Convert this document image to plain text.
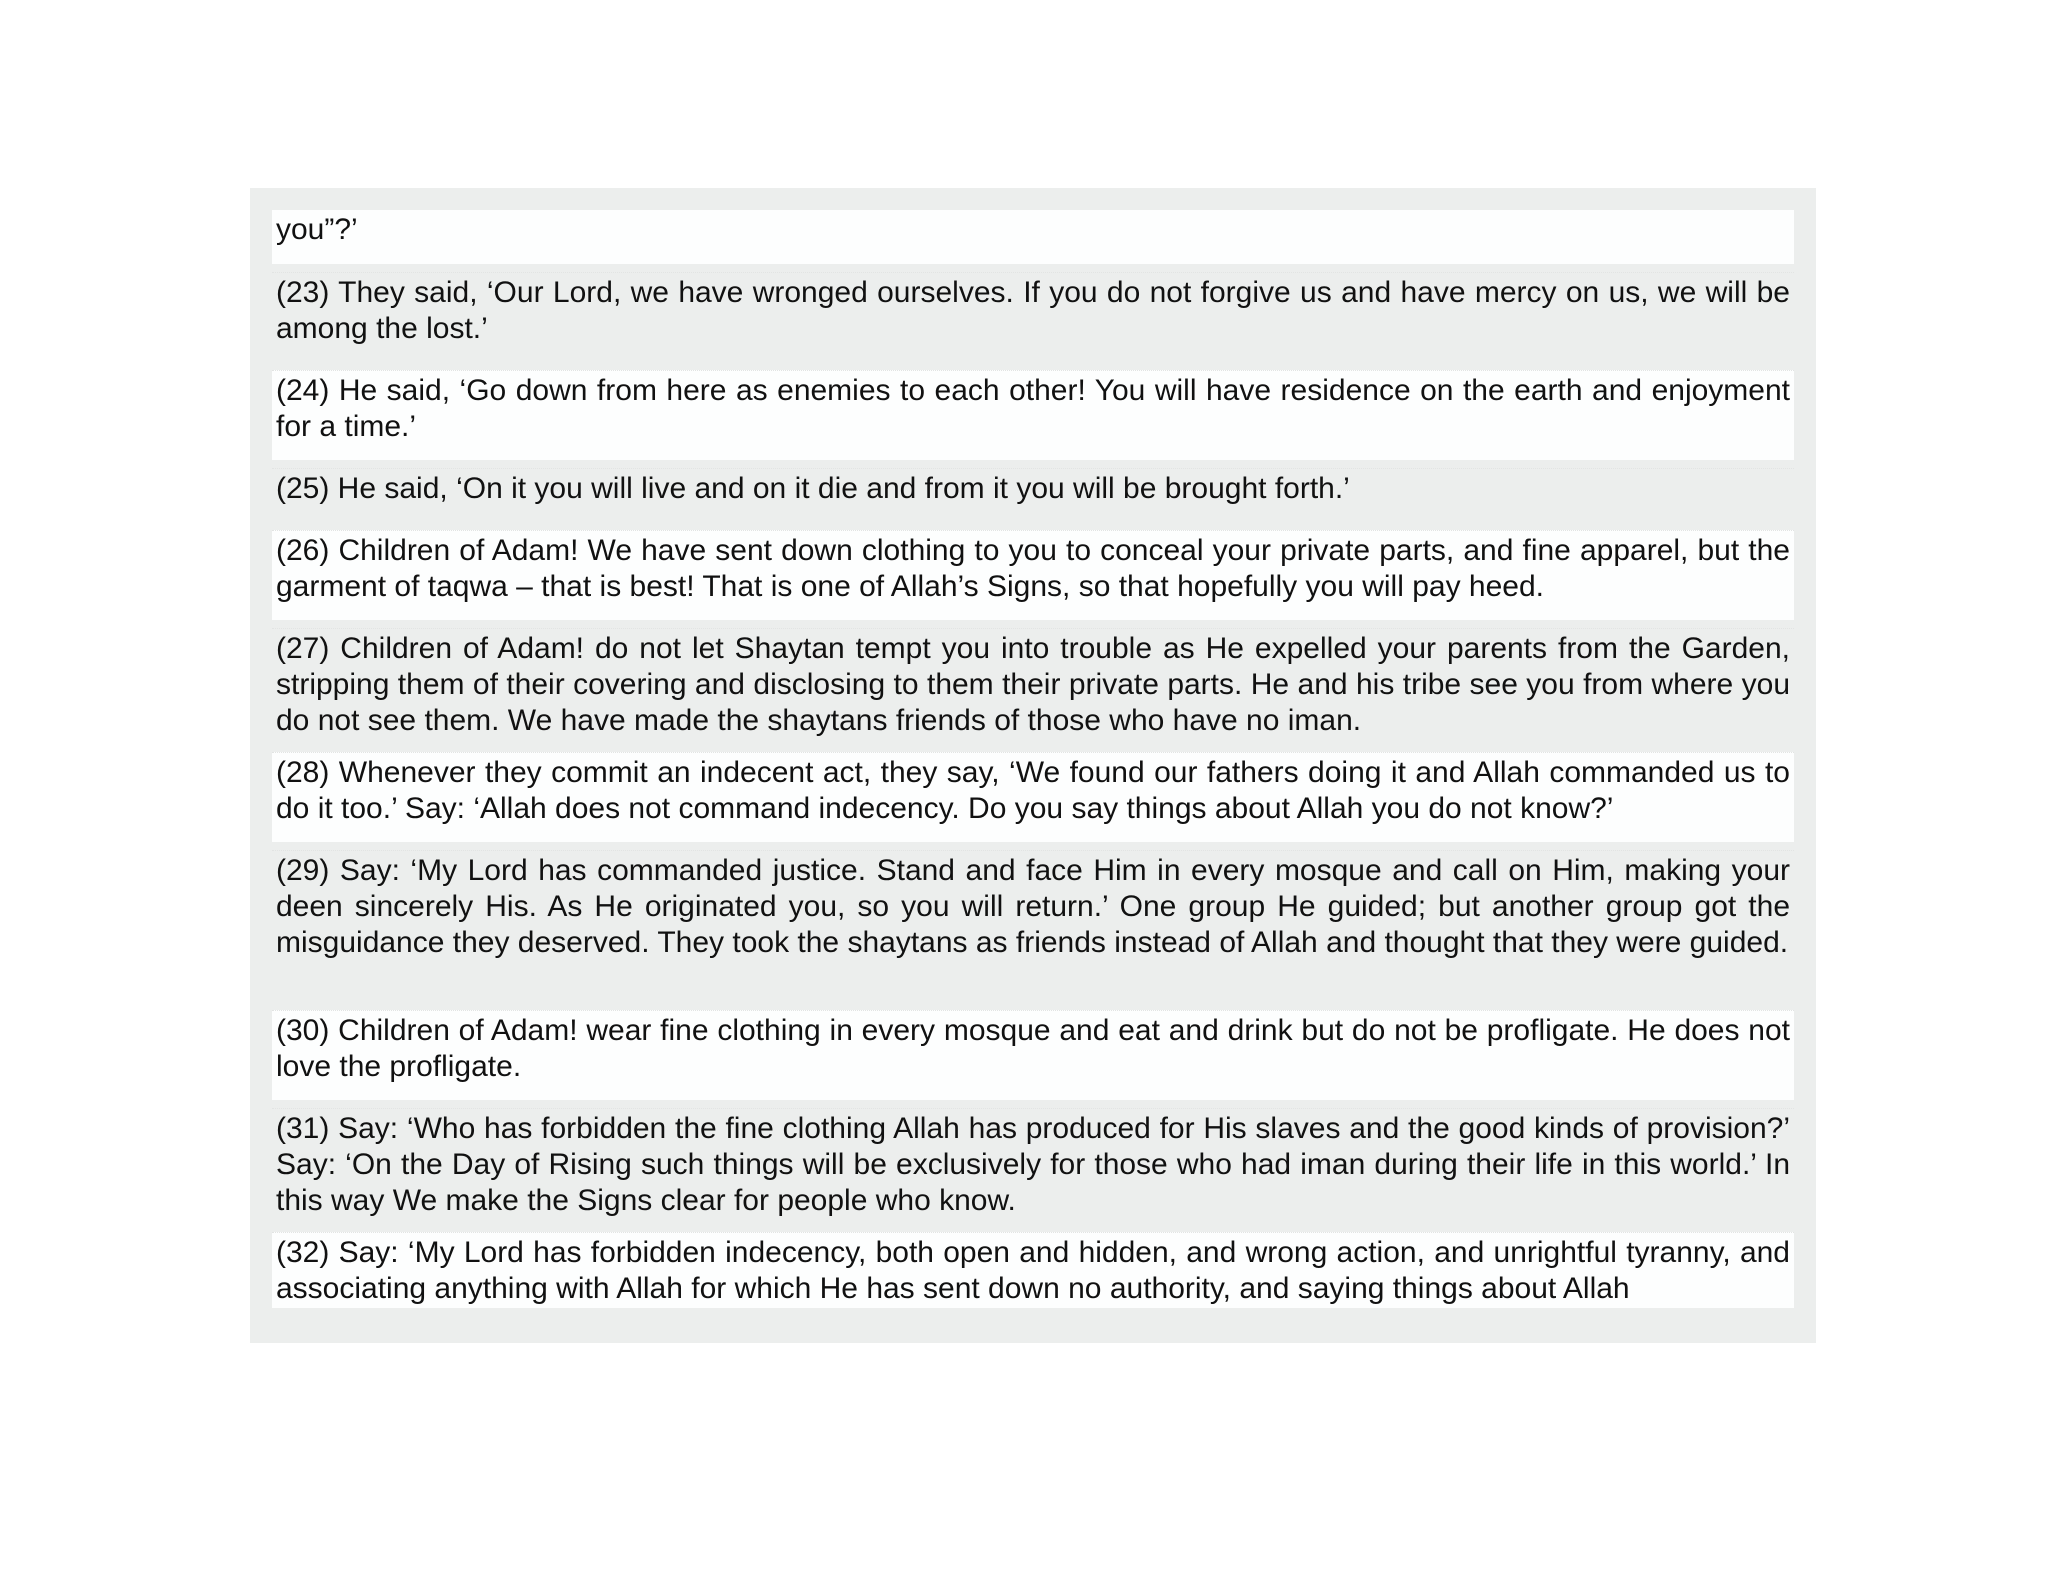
you”?’
(23) They said, ‘Our Lord, we have wronged ourselves. If you do not forgive us and have mercy on us, we will be among the lost.’
(24) He said, ‘Go down from here as enemies to each other! You will have residence on the earth and enjoyment for a time.’
(25) He said, ‘On it you will live and on it die and from it you will be brought forth.’
(26) Children of Adam! We have sent down clothing to you to conceal your private parts, and fine apparel, but the garment of taqwa – that is best! That is one of Allah’s Signs, so that hopefully you will pay heed.
(27) Children of Adam! do not let Shaytan tempt you into trouble as He expelled your parents from the Garden, stripping them of their covering and disclosing to them their private parts. He and his tribe see you from where you do not see them. We have made the shaytans friends of those who have no iman.
(28) Whenever they commit an indecent act, they say, ‘We found our fathers doing it and Allah commanded us to do it too.’ Say: ‘Allah does not command indecency. Do you say things about Allah you do not know?’
(29) Say: ‘My Lord has commanded justice. Stand and face Him in every mosque and call on Him, making your deen sincerely His. As He originated you, so you will return.’ One group He guided; but another group got the misguidance they deserved. They took the shaytans as friends instead of Allah and thought that they were guided.
(30) Children of Adam! wear fine clothing in every mosque and eat and drink but do not be profligate. He does not love the profligate.
(31) Say: ‘Who has forbidden the fine clothing Allah has produced for His slaves and the good kinds of provision?’ Say: ‘On the Day of Rising such things will be exclusively for those who had iman during their life in this world.’ In this way We make the Signs clear for people who know.
(32) Say: ‘My Lord has forbidden indecency, both open and hidden, and wrong action, and unrightful tyranny, and associating anything with Allah for which He has sent down no authority, and saying things about Allah
